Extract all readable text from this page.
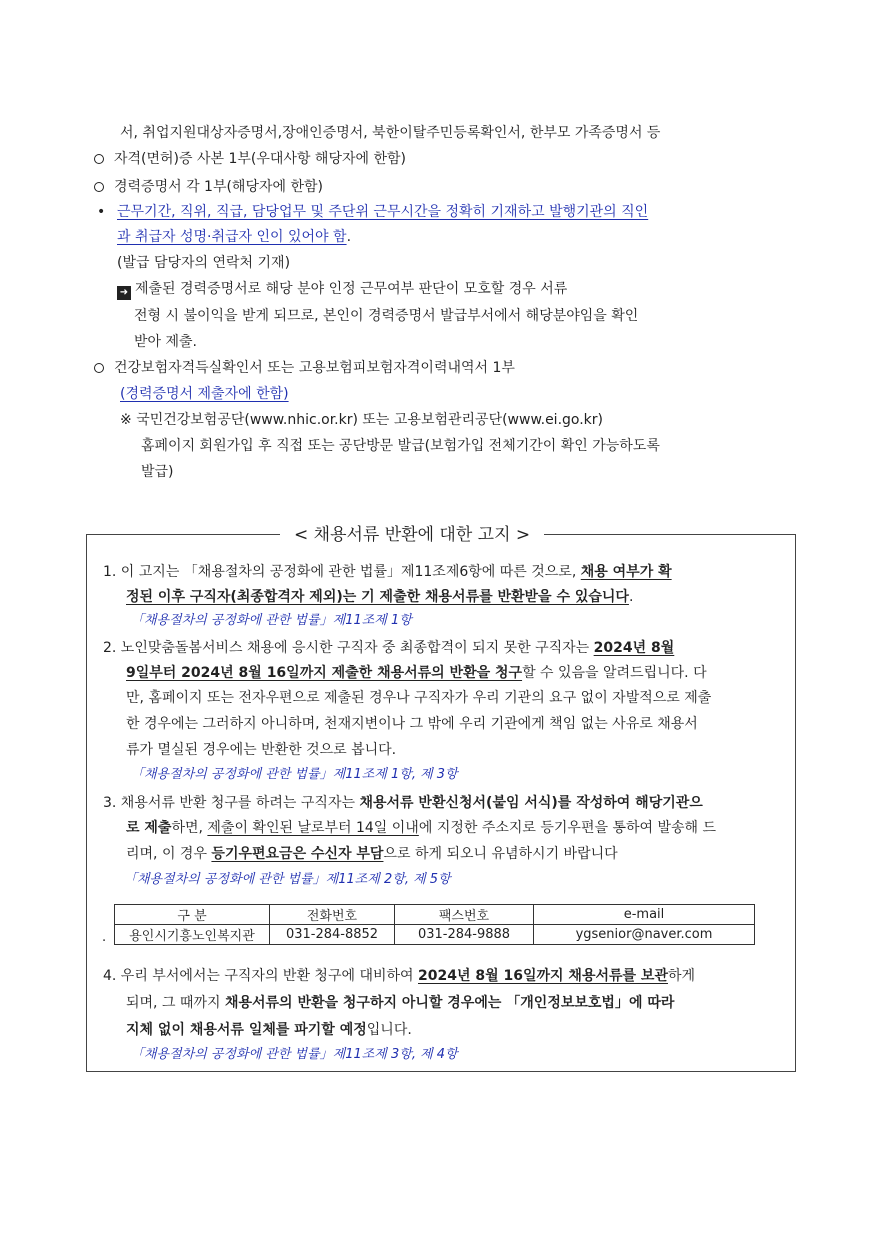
서, 취업지원대상자증명서,장애인증명서, 북한이탈주민등록확인서, 한부모 가족증명서 등
자격(면허)증 사본 1부(우대사항 해당자에 한함)
경력증명서 각 1부(해당자에 한함)
• 근무기간, 직위, 직급, 담당업무 및 주단위 근무시간을 정확히 기재하고 발행기관의 직인
과 취급자 성명·취급자 인이 있어야 함.
(발급 담당자의 연락처 기재)
➜ 제출된 경력증명서로 해당 분야 인정 근무여부 판단이 모호할 경우 서류
전형 시 불이익을 받게 되므로, 본인이 경력증명서 발급부서에서 해당분야임을 확인
받아 제출.
건강보험자격득실확인서 또는 고용보험피보험자격이력내역서 1부
(경력증명서 제출자에 한함)
※ 국민건강보험공단(www.nhic.or.kr) 또는 고용보험관리공단(www.ei.go.kr)
홈페이지 회원가입 후 직접 또는 공단방문 발급(보험가입 전체기간이 확인 가능하도록
발급)
< 채용서류 반환에 대한 고지 >
1. 이 고지는 「채용절차의 공정화에 관한 법률」제11조제6항에 따른 것으로, 채용 여부가 확
정된 이후 구직자(최종합격자 제외)는 기 제출한 채용서류를 반환받을 수 있습니다.
「채용절차의 공정화에 관한 법률」제11조제 1항
2. 노인맞춤돌봄서비스 채용에 응시한 구직자 중 최종합격이 되지 못한 구직자는 2024년 8월
9일부터 2024년 8월 16일까지 제출한 채용서류의 반환을 청구할 수 있음을 알려드립니다. 다
만, 홈페이지 또는 전자우편으로 제출된 경우나 구직자가 우리 기관의 요구 없이 자발적으로 제출
한 경우에는 그러하지 아니하며, 천재지변이나 그 밖에 우리 기관에게 책임 없는 사유로 채용서
류가 멸실된 경우에는 반환한 것으로 봅니다.
「채용절차의 공정화에 관한 법률」제11조제 1항, 제 3항
3. 채용서류 반환 청구를 하려는 구직자는 채용서류 반환신청서(붙임 서식)를 작성하여 해당기관으
로 제출하면, 제출이 확인된 날로부터 14일 이내에 지정한 주소지로 등기우편을 통하여 발송해 드
리며, 이 경우 등기우편요금은 수신자 부담으로 하게 되오니 유념하시기 바랍니다
「채용절차의 공정화에 관한 법률」제11조제 2항, 제 5항
구 분	전화번호	팩스번호	e-mail
용인시기흥노인복지관	031-284-8852	031-284-9888	ygsenior@naver.com
.
4. 우리 부서에서는 구직자의 반환 청구에 대비하여 2024년 8월 16일까지 채용서류를 보관하게
되며, 그 때까지 채용서류의 반환을 청구하지 아니할 경우에는 「개인정보보호법」에 따라
지체 없이 채용서류 일체를 파기할 예정입니다.
「채용절차의 공정화에 관한 법률」제11조제 3항, 제 4항
